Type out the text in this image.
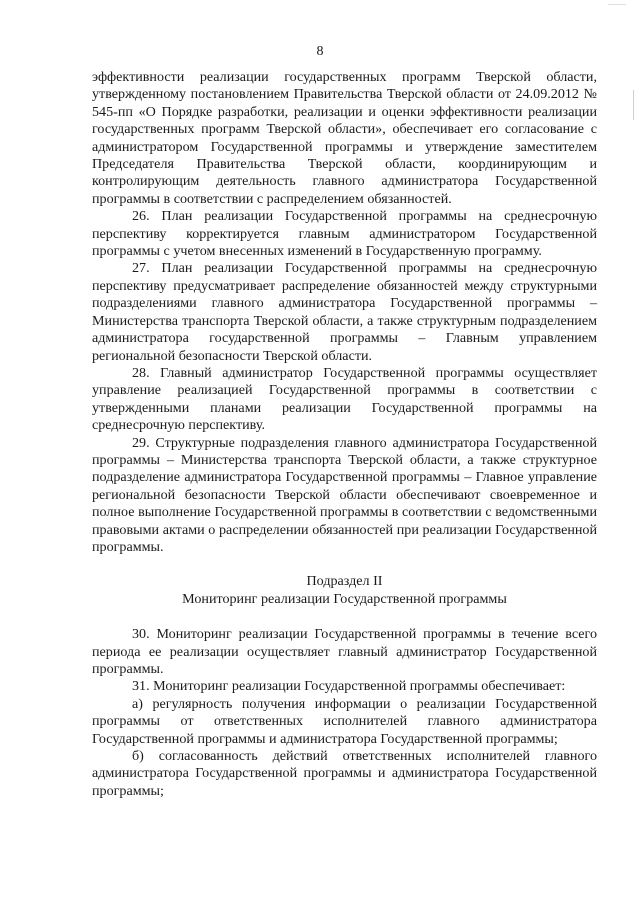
8

эффективности реализации государственных программ Тверской области, утвержденному постановлением Правительства Тверской области от 24.09.2012 № 545-пп «О Порядке разработки, реализации и оценки эффективности реализации государственных программ Тверской области», обеспечивает его согласование с администратором Государственной программы и утверждение заместителем Председателя Правительства Тверской области, координирующим и контролирующим деятельность главного администратора Государственной программы в соответствии с распределением обязанностей.

26. План реализации Государственной программы на среднесрочную перспективу корректируется главным администратором Государственной программы с учетом внесенных изменений в Государственную программу.

27. План реализации Государственной программы на среднесрочную перспективу предусматривает распределение обязанностей между структурными подразделениями главного администратора Государственной программы – Министерства транспорта Тверской области, а также структурным подразделением администратора государственной программы – Главным управлением региональной безопасности Тверской области.

28. Главный администратор Государственной программы осуществляет управление реализацией Государственной программы в соответствии с утвержденными планами реализации Государственной программы на среднесрочную перспективу.

29. Структурные подразделения главного администратора Государственной программы – Министерства транспорта Тверской области, а также структурное подразделение администратора Государственной программы – Главное управление региональной безопасности Тверской области обеспечивают своевременное и полное выполнение Государственной программы в соответствии с ведомственными правовыми актами о распределении обязанностей при реализации Государственной программы.

Подраздел II

Мониторинг реализации Государственной программы

30. Мониторинг реализации Государственной программы в течение всего периода ее реализации осуществляет главный администратор Государственной программы.

31. Мониторинг реализации Государственной программы обеспечивает:

а) регулярность получения информации о реализации Государственной программы от ответственных исполнителей главного администратора Государственной программы и администратора Государственной программы;

б) согласованность действий ответственных исполнителей главного администратора Государственной программы и администратора Государственной программы;
